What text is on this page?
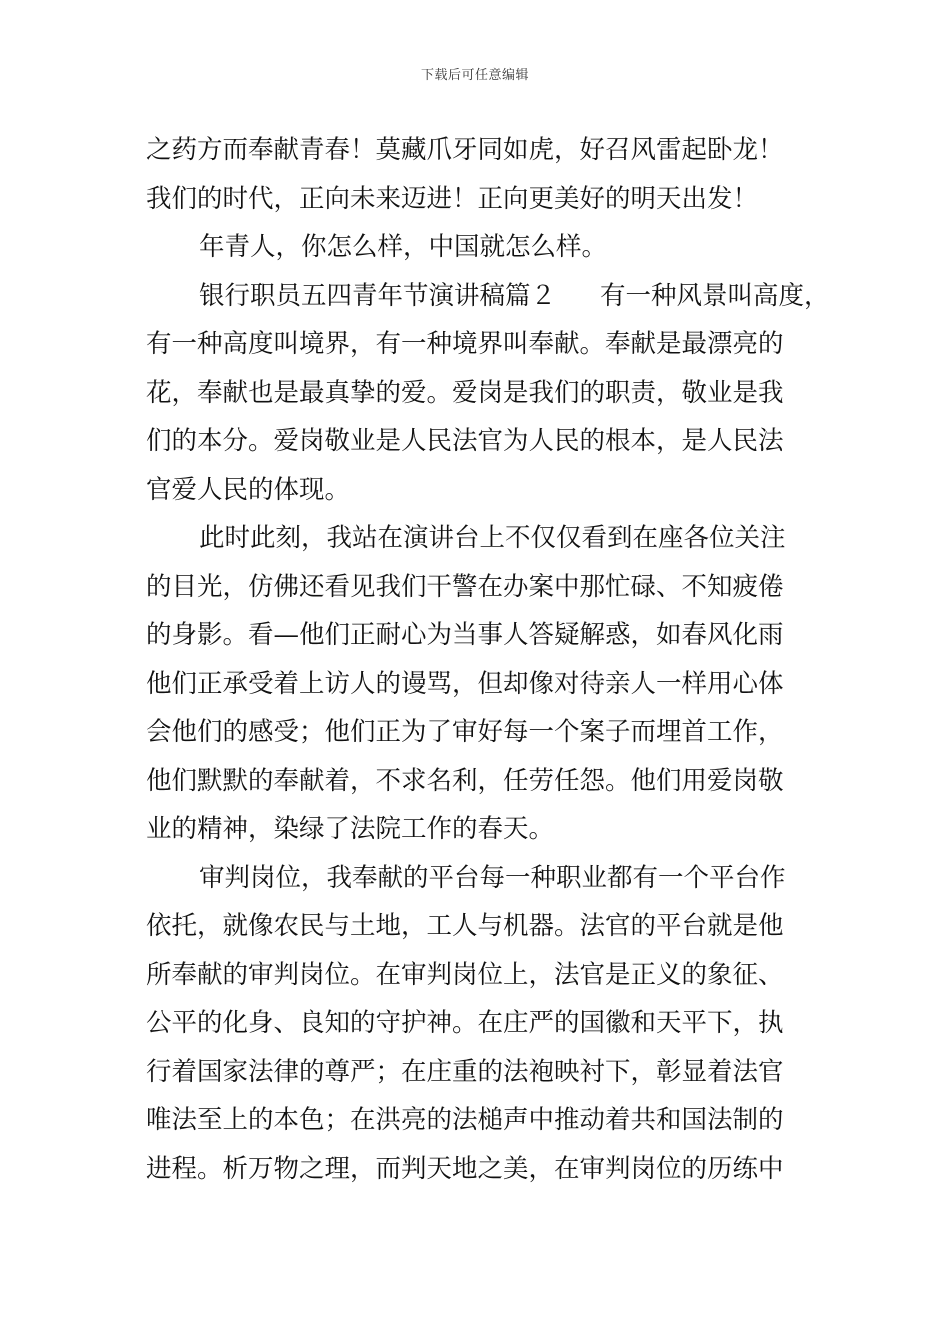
下载后可任意编辑
之药方而奉献青春！莫藏爪牙同如虎，好召风雷起卧龙！
我们的时代，正向未来迈进！正向更美好的明天出发！
年青人，你怎么样，中国就怎么样。
银行职员五四青年节演讲稿篇２ 有一种风景叫高度，
有一种高度叫境界，有一种境界叫奉献。奉献是最漂亮的
花，奉献也是最真挚的爱。爱岗是我们的职责，敬业是我
们的本分。爱岗敬业是人民法官为人民的根本，是人民法
官爱人民的体现。
此时此刻，我站在演讲台上不仅仅看到在座各位关注
的目光，仿佛还看见我们干警在办案中那忙碌、不知疲倦
的身影。看—他们正耐心为当事人答疑解惑，如春风化雨
他们正承受着上访人的谩骂，但却像对待亲人一样用心体
会他们的感受；他们正为了审好每一个案子而埋首工作，
他们默默的奉献着，不求名利，任劳任怨。他们用爱岗敬
业的精神，染绿了法院工作的春天。
审判岗位，我奉献的平台每一种职业都有一个平台作
依托，就像农民与土地，工人与机器。法官的平台就是他
所奉献的审判岗位。在审判岗位上，法官是正义的象征、
公平的化身、良知的守护神。在庄严的国徽和天平下，执
行着国家法律的尊严；在庄重的法袍映衬下，彰显着法官
唯法至上的本色；在洪亮的法槌声中推动着共和国法制的
进程。析万物之理，而判天地之美，在审判岗位的历练中
